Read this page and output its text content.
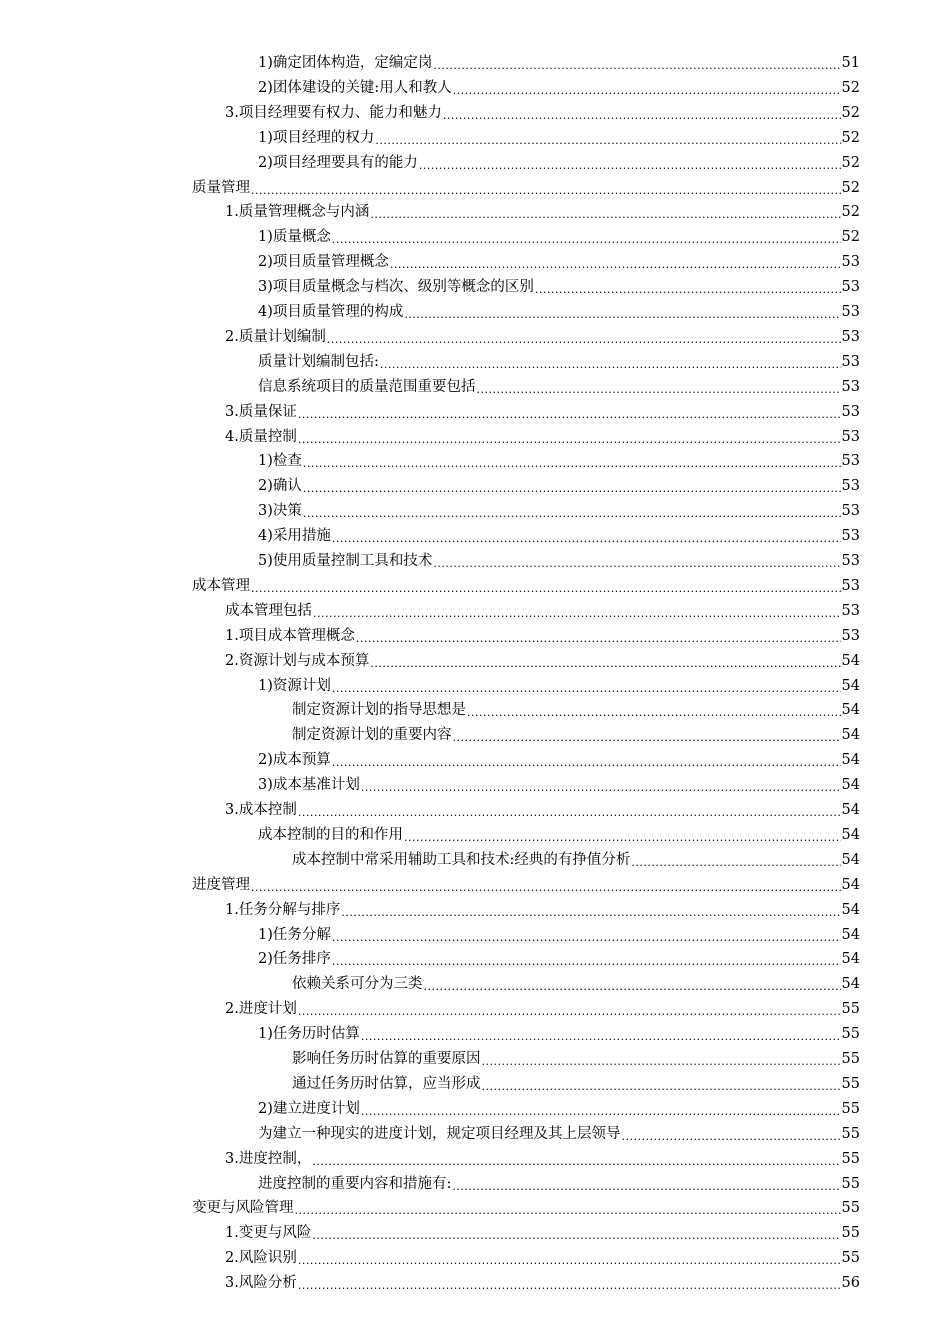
1)确定团体构造，定编定岗 .....	51
2)团体建设的关键:用人和教人 .....	52
3.项目经理要有权力、能力和魅力 .....	52
1)项目经理的权力 .....	52
2)项目经理要具有的能力 .....	52
质量管理 .....	52
1.质量管理概念与内涵 .....	52
1)质量概念 .....	52
2)项目质量管理概念 .....	53
3)项目质量概念与档次、级别等概念的区别 .....	53
4)项目质量管理的构成 .....	53
2.质量计划编制 .....	53
质量计划编制包括: .....	53
信息系统项目的质量范围重要包括 .....	53
3.质量保证 .....	53
4.质量控制 .....	53
1)检查 .....	53
2)确认 .....	53
3)决策 .....	53
4)采用措施 .....	53
5)使用质量控制工具和技术 .....	53
成本管理 .....	53
成本管理包括 .....	53
1.项目成本管理概念 .....	53
2.资源计划与成本预算 .....	54
1)资源计划 .....	54
制定资源计划的指导思想是 .....	54
制定资源计划的重要内容 .....	54
2)成本预算 .....	54
3)成本基准计划 .....	54
3.成本控制 .....	54
成本控制的目的和作用 .....	54
成本控制中常采用辅助工具和技术:经典的有挣值分析 .....	54
进度管理 .....	54
1.任务分解与排序 .....	54
1)任务分解 .....	54
2)任务排序 .....	54
依赖关系可分为三类 .....	54
2.进度计划 .....	55
1)任务历时估算 .....	55
影响任务历时估算的重要原因 .....	55
通过任务历时估算，应当形成 .....	55
2)建立进度计划 .....	55
为建立一种现实的进度计划，规定项目经理及其上层领导 .....	55
3.进度控制， .....	55
进度控制的重要内容和措施有: .....	55
变更与风险管理 .....	55
1.变更与风险 .....	55
2.风险识别 .....	55
3.风险分析 .....	56
